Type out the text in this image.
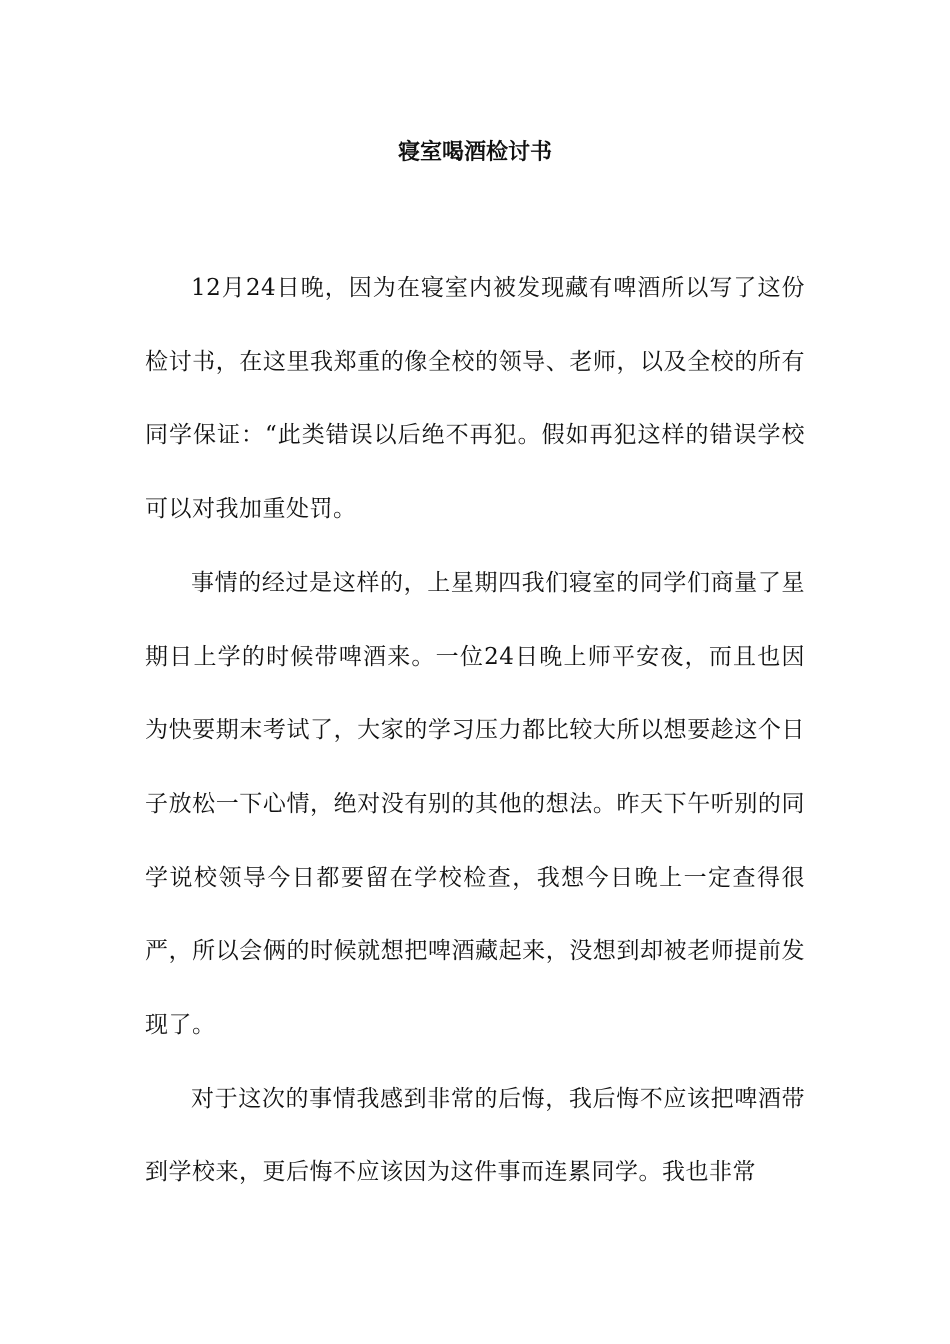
寝室喝酒检讨书

12月24日晚，因为在寝室内被发现藏有啤酒所以写了这份检讨书，在这里我郑重的像全校的领导、老师，以及全校的所有同学保证：“此类错误以后绝不再犯。假如再犯这样的错误学校可以对我加重处罚。

事情的经过是这样的，上星期四我们寝室的同学们商量了星期日上学的时候带啤酒来。一位24日晚上师平安夜，而且也因为快要期末考试了，大家的学习压力都比较大所以想要趁这个日子放松一下心情，绝对没有别的其他的想法。昨天下午听别的同学说校领导今日都要留在学校检查，我想今日晚上一定查得很严，所以会俩的时候就想把啤酒藏起来，没想到却被老师提前发现了。

对于这次的事情我感到非常的后悔，我后悔不应该把啤酒带到学校来，更后悔不应该因为这件事而连累同学。我也非常
